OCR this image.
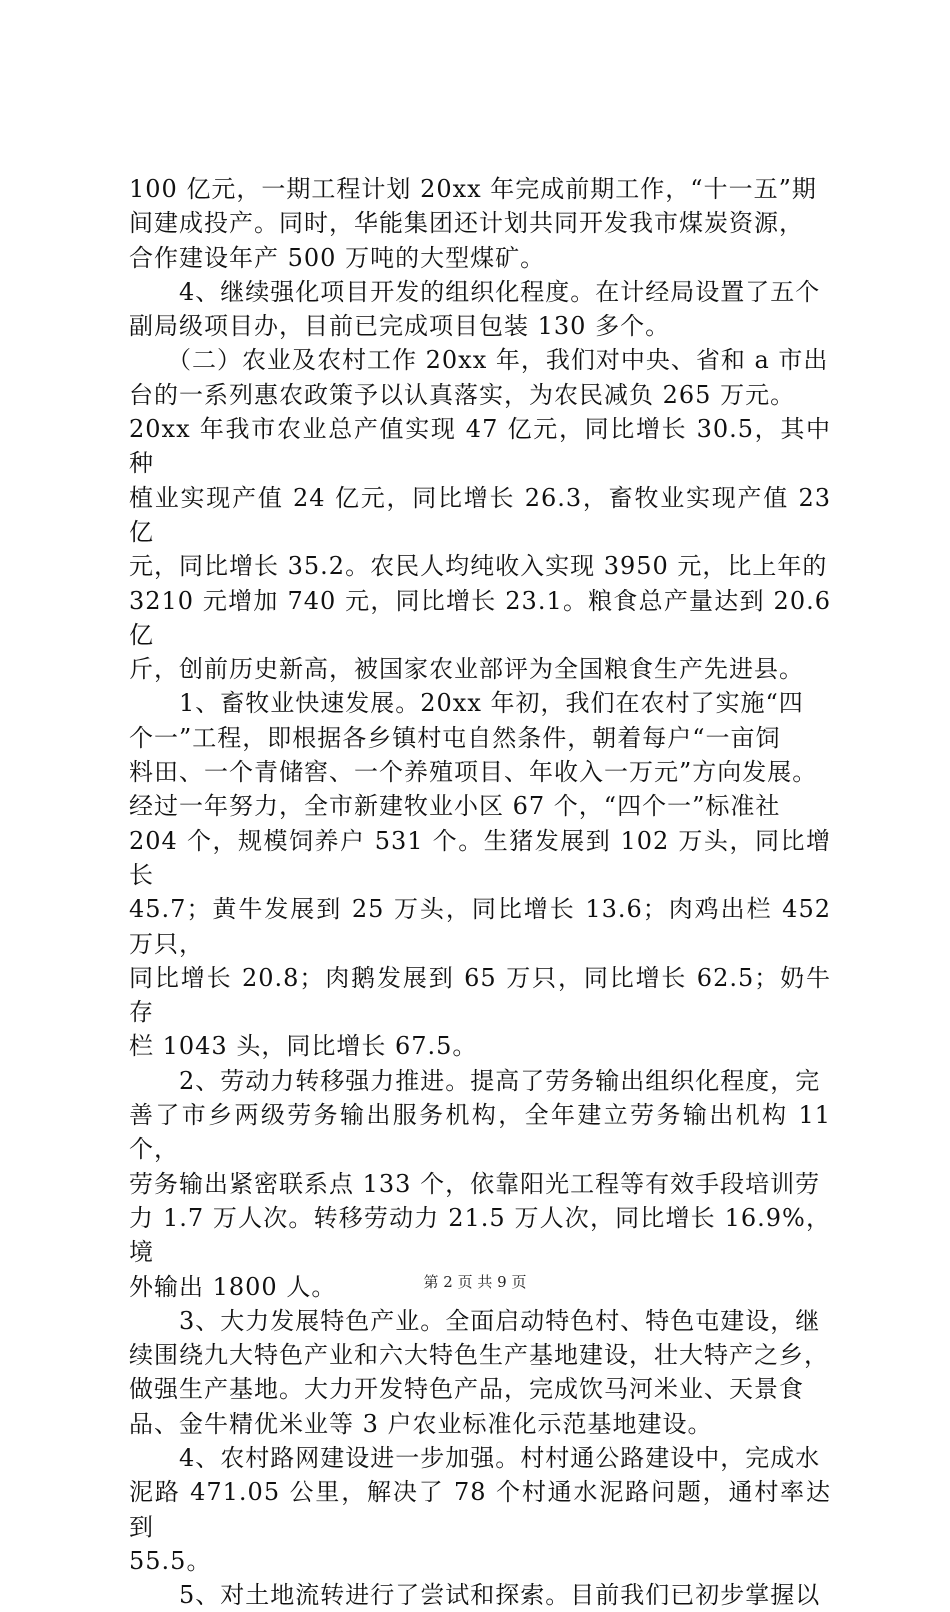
100 亿元，一期工程计划 20xx 年完成前期工作，“十一五”期

间建成投产。同时，华能集团还计划共同开发我市煤炭资源，

合作建设年产 500 万吨的大型煤矿。

　　4、继续强化项目开发的组织化程度。在计经局设置了五个

副局级项目办，目前已完成项目包装 130 多个。

　　（二）农业及农村工作 20xx 年，我们对中央、省和 a 市出

台的一系列惠农政策予以认真落实，为农民减负 265 万元。

20xx 年我市农业总产值实现 47 亿元，同比增长 30.5，其中种

植业实现产值 24 亿元，同比增长 26.3，畜牧业实现产值 23 亿

元，同比增长 35.2。农民人均纯收入实现 3950 元，比上年的

3210 元增加 740 元，同比增长 23.1。粮食总产量达到 20.6 亿

斤，创前历史新高，被国家农业部评为全国粮食生产先进县。

　　1、畜牧业快速发展。20xx 年初，我们在农村了实施“四

个一”工程，即根据各乡镇村屯自然条件，朝着每户“一亩饲

料田、一个青储窖、一个养殖项目、年收入一万元”方向发展。

经过一年努力，全市新建牧业小区 67 个，“四个一”标准社

204 个，规模饲养户 531 个。生猪发展到 102 万头，同比增长

45.7；黄牛发展到 25 万头，同比增长 13.6；肉鸡出栏 452 万只，

同比增长 20.8；肉鹅发展到 65 万只，同比增长 62.5；奶牛存

栏 1043 头，同比增长 67.5。

　　2、劳动力转移强力推进。提高了劳务输出组织化程度，完

善了市乡两级劳务输出服务机构，全年建立劳务输出机构 11 个，

劳务输出紧密联系点 133 个，依靠阳光工程等有效手段培训劳

力 1.7 万人次。转移劳动力 21.5 万人次，同比增长 16.9%，境

外输出 1800 人。

　　3、大力发展特色产业。全面启动特色村、特色屯建设，继

续围绕九大特色产业和六大特色生产基地建设，壮大特产之乡，

做强生产基地。大力开发特色产品，完成饮马河米业、天景食

品、金牛精优米业等 3 户农业标准化示范基地建设。

　　4、农村路网建设进一步加强。村村通公路建设中，完成水

泥路 471.05 公里，解决了 78 个村通水泥路问题，通村率达到

55.5。

　　5、对土地流转进行了尝试和探索。目前我们已初步掌握以

第 2 页 共 9 页
